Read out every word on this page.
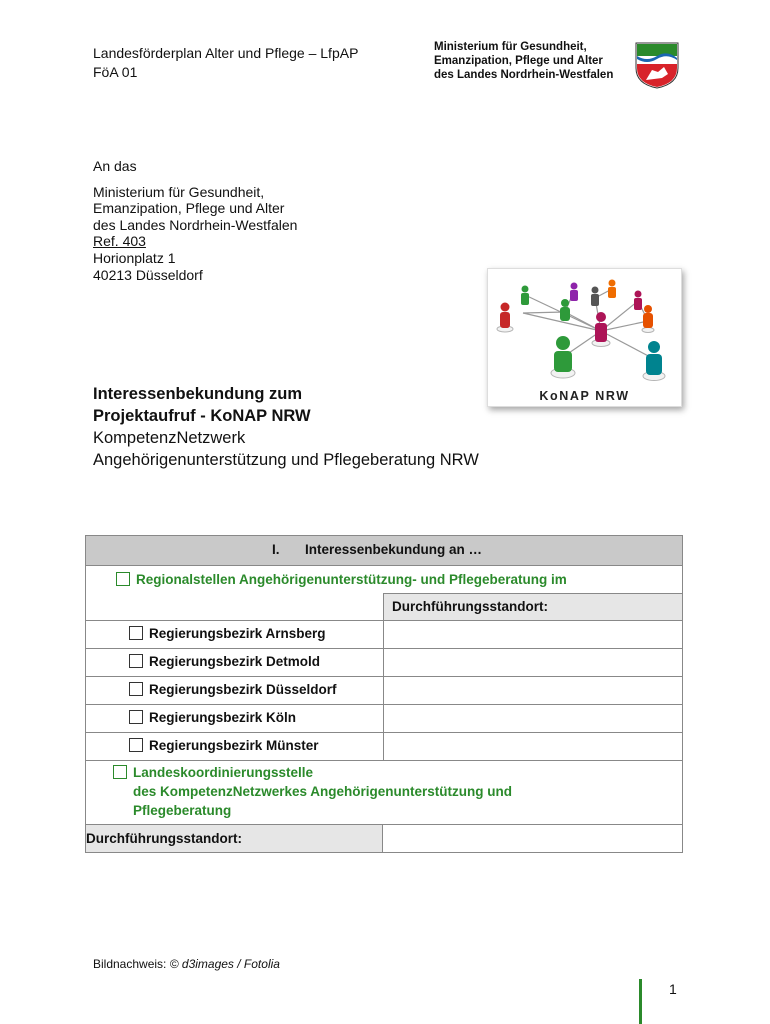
Landesförderplan Alter und Pflege – LfpAP
FöA 01
Ministerium für Gesundheit,
Emanzipation, Pflege und Alter
des Landes Nordrhein-Westfalen
An das
Ministerium für Gesundheit,
Emanzipation, Pflege und Alter
des Landes Nordrhein-Westfalen
Ref. 403
Horionplatz 1
40213 Düsseldorf
KoNAP NRW
Interessenbekundung zum
Projektaufruf - KoNAP NRW
KompetenzNetzwerk
Angehörigenunterstützung und Pflegeberatung NRW
I. Interessenbekundung an …
Regionalstellen Angehörigenunterstützung- und Pflegeberatung im
Durchführungsstandort:
Regierungsbezirk Arnsberg
Regierungsbezirk Detmold
Regierungsbezirk Düsseldorf
Regierungsbezirk Köln
Regierungsbezirk Münster
Landeskoordinierungsstelle
des KompetenzNetzwerkes Angehörigenunterstützung und
Pflegeberatung
Durchführungsstandort:
Bildnachweis: © d3images / Fotolia
1
